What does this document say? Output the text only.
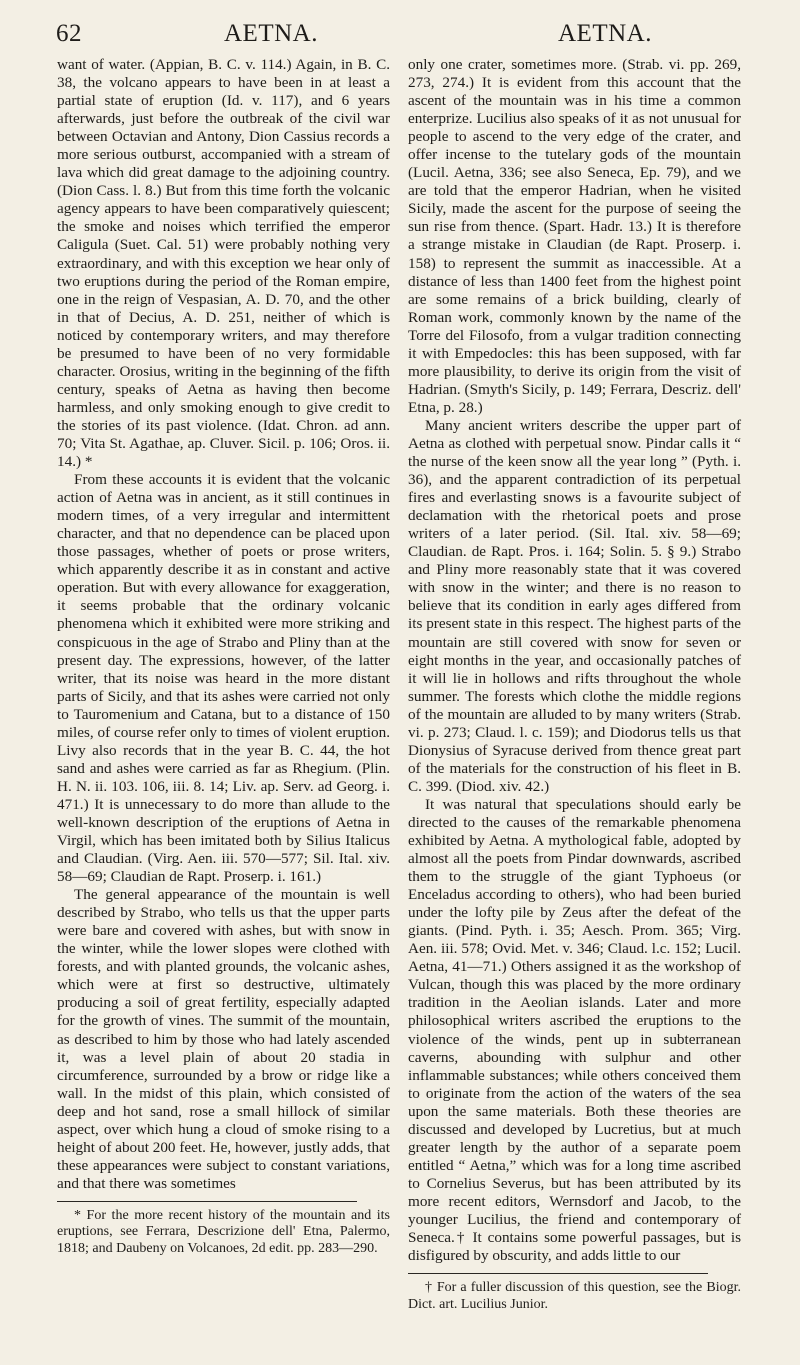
62	AETNA.	AETNA.

want of water. (Appian, B. C. v. 114.) Again, in B. C. 38, the volcano appears to have been in at least a partial state of eruption (Id. v. 117), and 6 years afterwards, just before the outbreak of the civil war between Octavian and Antony, Dion Cassius records a more serious outburst, accompanied with a stream of lava which did great damage to the adjoining country. (Dion Cass. l. 8.) But from this time forth the volcanic agency appears to have been comparatively quiescent; the smoke and noises which terrified the emperor Caligula (Suet. Cal. 51) were probably nothing very extraordinary, and with this exception we hear only of two eruptions during the period of the Roman empire, one in the reign of Vespasian, A. D. 70, and the other in that of Decius, A. D. 251, neither of which is noticed by contemporary writers, and may therefore be presumed to have been of no very formidable character. Orosius, writing in the beginning of the fifth century, speaks of Aetna as having then become harmless, and only smoking enough to give credit to the stories of its past violence. (Idat. Chron. ad ann. 70; Vita St. Agathae, ap. Cluver. Sicil. p. 106; Oros. ii. 14.) *

From these accounts it is evident that the volcanic action of Aetna was in ancient, as it still continues in modern times, of a very irregular and intermittent character, and that no dependence can be placed upon those passages, whether of poets or prose writers, which apparently describe it as in constant and active operation. But with every allowance for exaggeration, it seems probable that the ordinary volcanic phenomena which it exhibited were more striking and conspicuous in the age of Strabo and Pliny than at the present day. The expressions, however, of the latter writer, that its noise was heard in the more distant parts of Sicily, and that its ashes were carried not only to Tauromenium and Catana, but to a distance of 150 miles, of course refer only to times of violent eruption. Livy also records that in the year B. C. 44, the hot sand and ashes were carried as far as Rhegium. (Plin. H. N. ii. 103. 106, iii. 8. 14; Liv. ap. Serv. ad Georg. i. 471.) It is unnecessary to do more than allude to the well-known description of the eruptions of Aetna in Virgil, which has been imitated both by Silius Italicus and Claudian. (Virg. Aen. iii. 570—577; Sil. Ital. xiv. 58—69; Claudian de Rapt. Proserp. i. 161.)

The general appearance of the mountain is well described by Strabo, who tells us that the upper parts were bare and covered with ashes, but with snow in the winter, while the lower slopes were clothed with forests, and with planted grounds, the volcanic ashes, which were at first so destructive, ultimately producing a soil of great fertility, especially adapted for the growth of vines. The summit of the mountain, as described to him by those who had lately ascended it, was a level plain of about 20 stadia in circumference, surrounded by a brow or ridge like a wall. In the midst of this plain, which consisted of deep and hot sand, rose a small hillock of similar aspect, over which hung a cloud of smoke rising to a height of about 200 feet. He, however, justly adds, that these appearances were subject to constant variations, and that there was sometimes

* For the more recent history of the mountain and its eruptions, see Ferrara, Descrizione dell' Etna, Palermo, 1818; and Daubeny on Volcanoes, 2d edit. pp. 283—290.

only one crater, sometimes more. (Strab. vi. pp. 269, 273, 274.) It is evident from this account that the ascent of the mountain was in his time a common enterprize. Lucilius also speaks of it as not unusual for people to ascend to the very edge of the crater, and offer incense to the tutelary gods of the mountain (Lucil. Aetna, 336; see also Seneca, Ep. 79), and we are told that the emperor Hadrian, when he visited Sicily, made the ascent for the purpose of seeing the sun rise from thence. (Spart. Hadr. 13.) It is therefore a strange mistake in Claudian (de Rapt. Proserp. i. 158) to represent the summit as inaccessible. At a distance of less than 1400 feet from the highest point are some remains of a brick building, clearly of Roman work, commonly known by the name of the Torre del Filosofo, from a vulgar tradition connecting it with Empedocles: this has been supposed, with far more plausibility, to derive its origin from the visit of Hadrian. (Smyth's Sicily, p. 149; Ferrara, Descriz. dell' Etna, p. 28.)

Many ancient writers describe the upper part of Aetna as clothed with perpetual snow. Pindar calls it “ the nurse of the keen snow all the year long ” (Pyth. i. 36), and the apparent contradiction of its perpetual fires and everlasting snows is a favourite subject of declamation with the rhetorical poets and prose writers of a later period. (Sil. Ital. xiv. 58—69; Claudian. de Rapt. Pros. i. 164; Solin. 5. § 9.) Strabo and Pliny more reasonably state that it was covered with snow in the winter; and there is no reason to believe that its condition in early ages differed from its present state in this respect. The highest parts of the mountain are still covered with snow for seven or eight months in the year, and occasionally patches of it will lie in hollows and rifts throughout the whole summer. The forests which clothe the middle regions of the mountain are alluded to by many writers (Strab. vi. p. 273; Claud. l. c. 159); and Diodorus tells us that Dionysius of Syracuse derived from thence great part of the materials for the construction of his fleet in B. C. 399. (Diod. xiv. 42.)

It was natural that speculations should early be directed to the causes of the remarkable phenomena exhibited by Aetna. A mythological fable, adopted by almost all the poets from Pindar downwards, ascribed them to the struggle of the giant Typhoeus (or Enceladus according to others), who had been buried under the lofty pile by Zeus after the defeat of the giants. (Pind. Pyth. i. 35; Aesch. Prom. 365; Virg. Aen. iii. 578; Ovid. Met. v. 346; Claud. l.c. 152; Lucil. Aetna, 41—71.) Others assigned it as the workshop of Vulcan, though this was placed by the more ordinary tradition in the Aeolian islands. Later and more philosophical writers ascribed the eruptions to the violence of the winds, pent up in subterranean caverns, abounding with sulphur and other inflammable substances; while others conceived them to originate from the action of the waters of the sea upon the same materials. Both these theories are discussed and developed by Lucretius, but at much greater length by the author of a separate poem entitled “ Aetna,” which was for a long time ascribed to Cornelius Severus, but has been attributed by its more recent editors, Wernsdorf and Jacob, to the younger Lucilius, the friend and contemporary of Seneca.† It contains some powerful passages, but is disfigured by obscurity, and adds little to our

† For a fuller discussion of this question, see the Biogr. Dict. art. Lucilius Junior.
